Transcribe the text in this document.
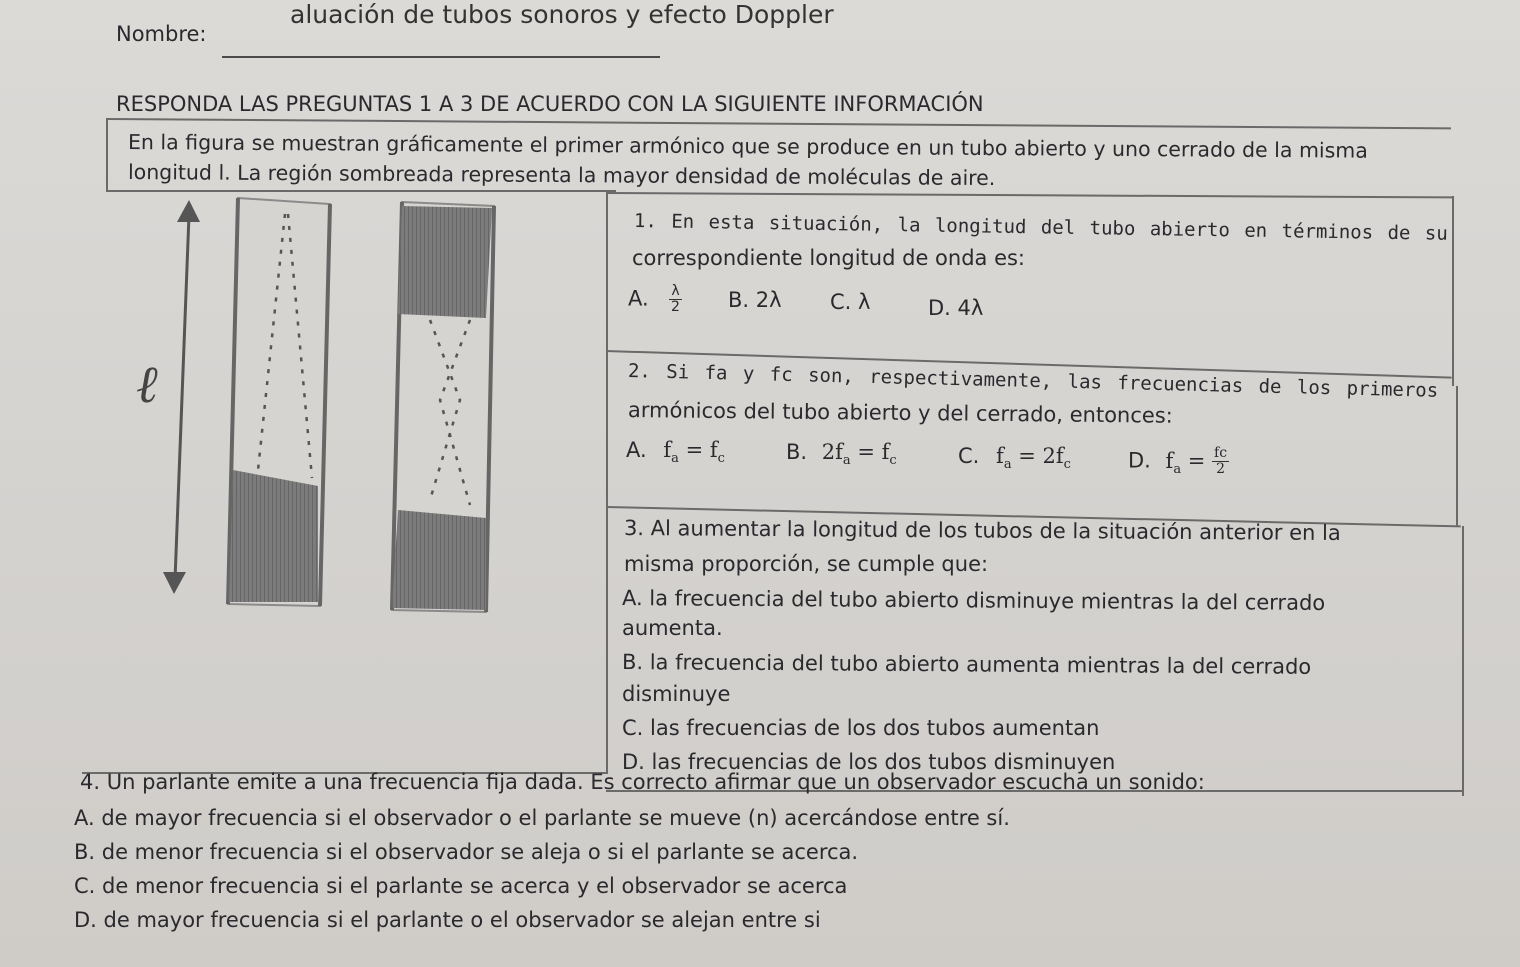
aluación de tubos sonoros y efecto Doppler
Nombre:
RESPONDA LAS PREGUNTAS 1 A 3 DE ACUERDO CON LA SIGUIENTE INFORMACIÓN
En la figura se muestran gráficamente el primer armónico que se produce en un tubo abierto y uno cerrado de la misma
longitud l. La región sombreada representa la mayor densidad de moléculas de aire.
ℓ
1. En esta situación, la longitud del tubo abierto en términos de su
correspondiente longitud de onda es:
A. $\frac{\lambda}{2} B$. 2λ C. λ	D. 4λ
2. Si fa y fc son, respectivamente, las frecuencias de los primeros
armónicos del tubo abierto y del cerrado, entonces:
A. $f_a = f_c$	B. $2f_a = f_c$	C. $f_a = 2f_c$	D. $f_a = \frac{fc}{2}$
3. Al aumentar la longitud de los tubos de la situación anterior en la
misma proporción, se cumple que:
A. la frecuencia del tubo abierto disminuye mientras la del cerrado
aumenta.
B. la frecuencia del tubo abierto aumenta mientras la del cerrado
disminuye
C. las frecuencias de los dos tubos aumentan
D. las frecuencias de los dos tubos disminuyen
4. Un parlante emite a una frecuencia fija dada. Es correcto afirmar que un observador escucha un sonido:
A. de mayor frecuencia si el observador o el parlante se mueve (n) acercándose entre sí.
B. de menor frecuencia si el observador se aleja o si el parlante se acerca.
C. de menor frecuencia si el parlante se acerca y el observador se acerca
D. de mayor frecuencia si el parlante o el observador se alejan entre si
